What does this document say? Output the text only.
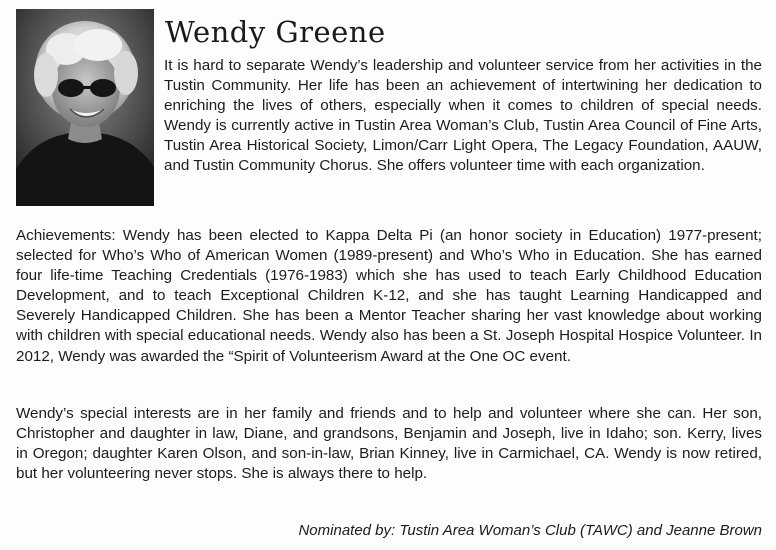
Wendy Greene

It is hard to separate Wendy’s leadership and volunteer service from her activities in the Tustin Community. Her life has been an achievement of intertwining her dedication to enriching the lives of others, especially when it comes to children of special needs. Wendy is currently active in Tustin Area Woman’s Club, Tustin Area Council of Fine Arts, Tustin Area Historical Society, Limon/Carr Light Opera, The Legacy Foundation, AAUW, and Tustin Community Chorus. She offers volunteer time with each organization.

Achievements: Wendy has been elected to Kappa Delta Pi (an honor society in Education) 1977-present; selected for Who’s Who of American Women (1989-present) and Who’s Who in Education. She has earned four life-time Teaching Credentials (1976-1983) which she has used to teach Early Childhood Education Development, and to teach Exceptional Children K-12, and she has taught Learning Handicapped and Severely Handicapped Children. She has been a Mentor Teacher sharing her vast knowledge about working with children with special educational needs. Wendy also has been a St. Joseph Hospital Hospice Volunteer. In 2012, Wendy was awarded the “Spirit of Volunteerism Award at the One OC event.

Wendy’s special interests are in her family and friends and to help and volunteer where she can. Her son, Christopher and daughter in law, Diane, and grandsons, Benjamin and Joseph, live in Idaho; son. Kerry, lives in Oregon; daughter Karen Olson, and son-in-law, Brian Kinney, live in Carmichael, CA. Wendy is now retired, but her volunteering never stops. She is always there to help.

Nominated by: Tustin Area Woman’s Club (TAWC) and Jeanne Brown
